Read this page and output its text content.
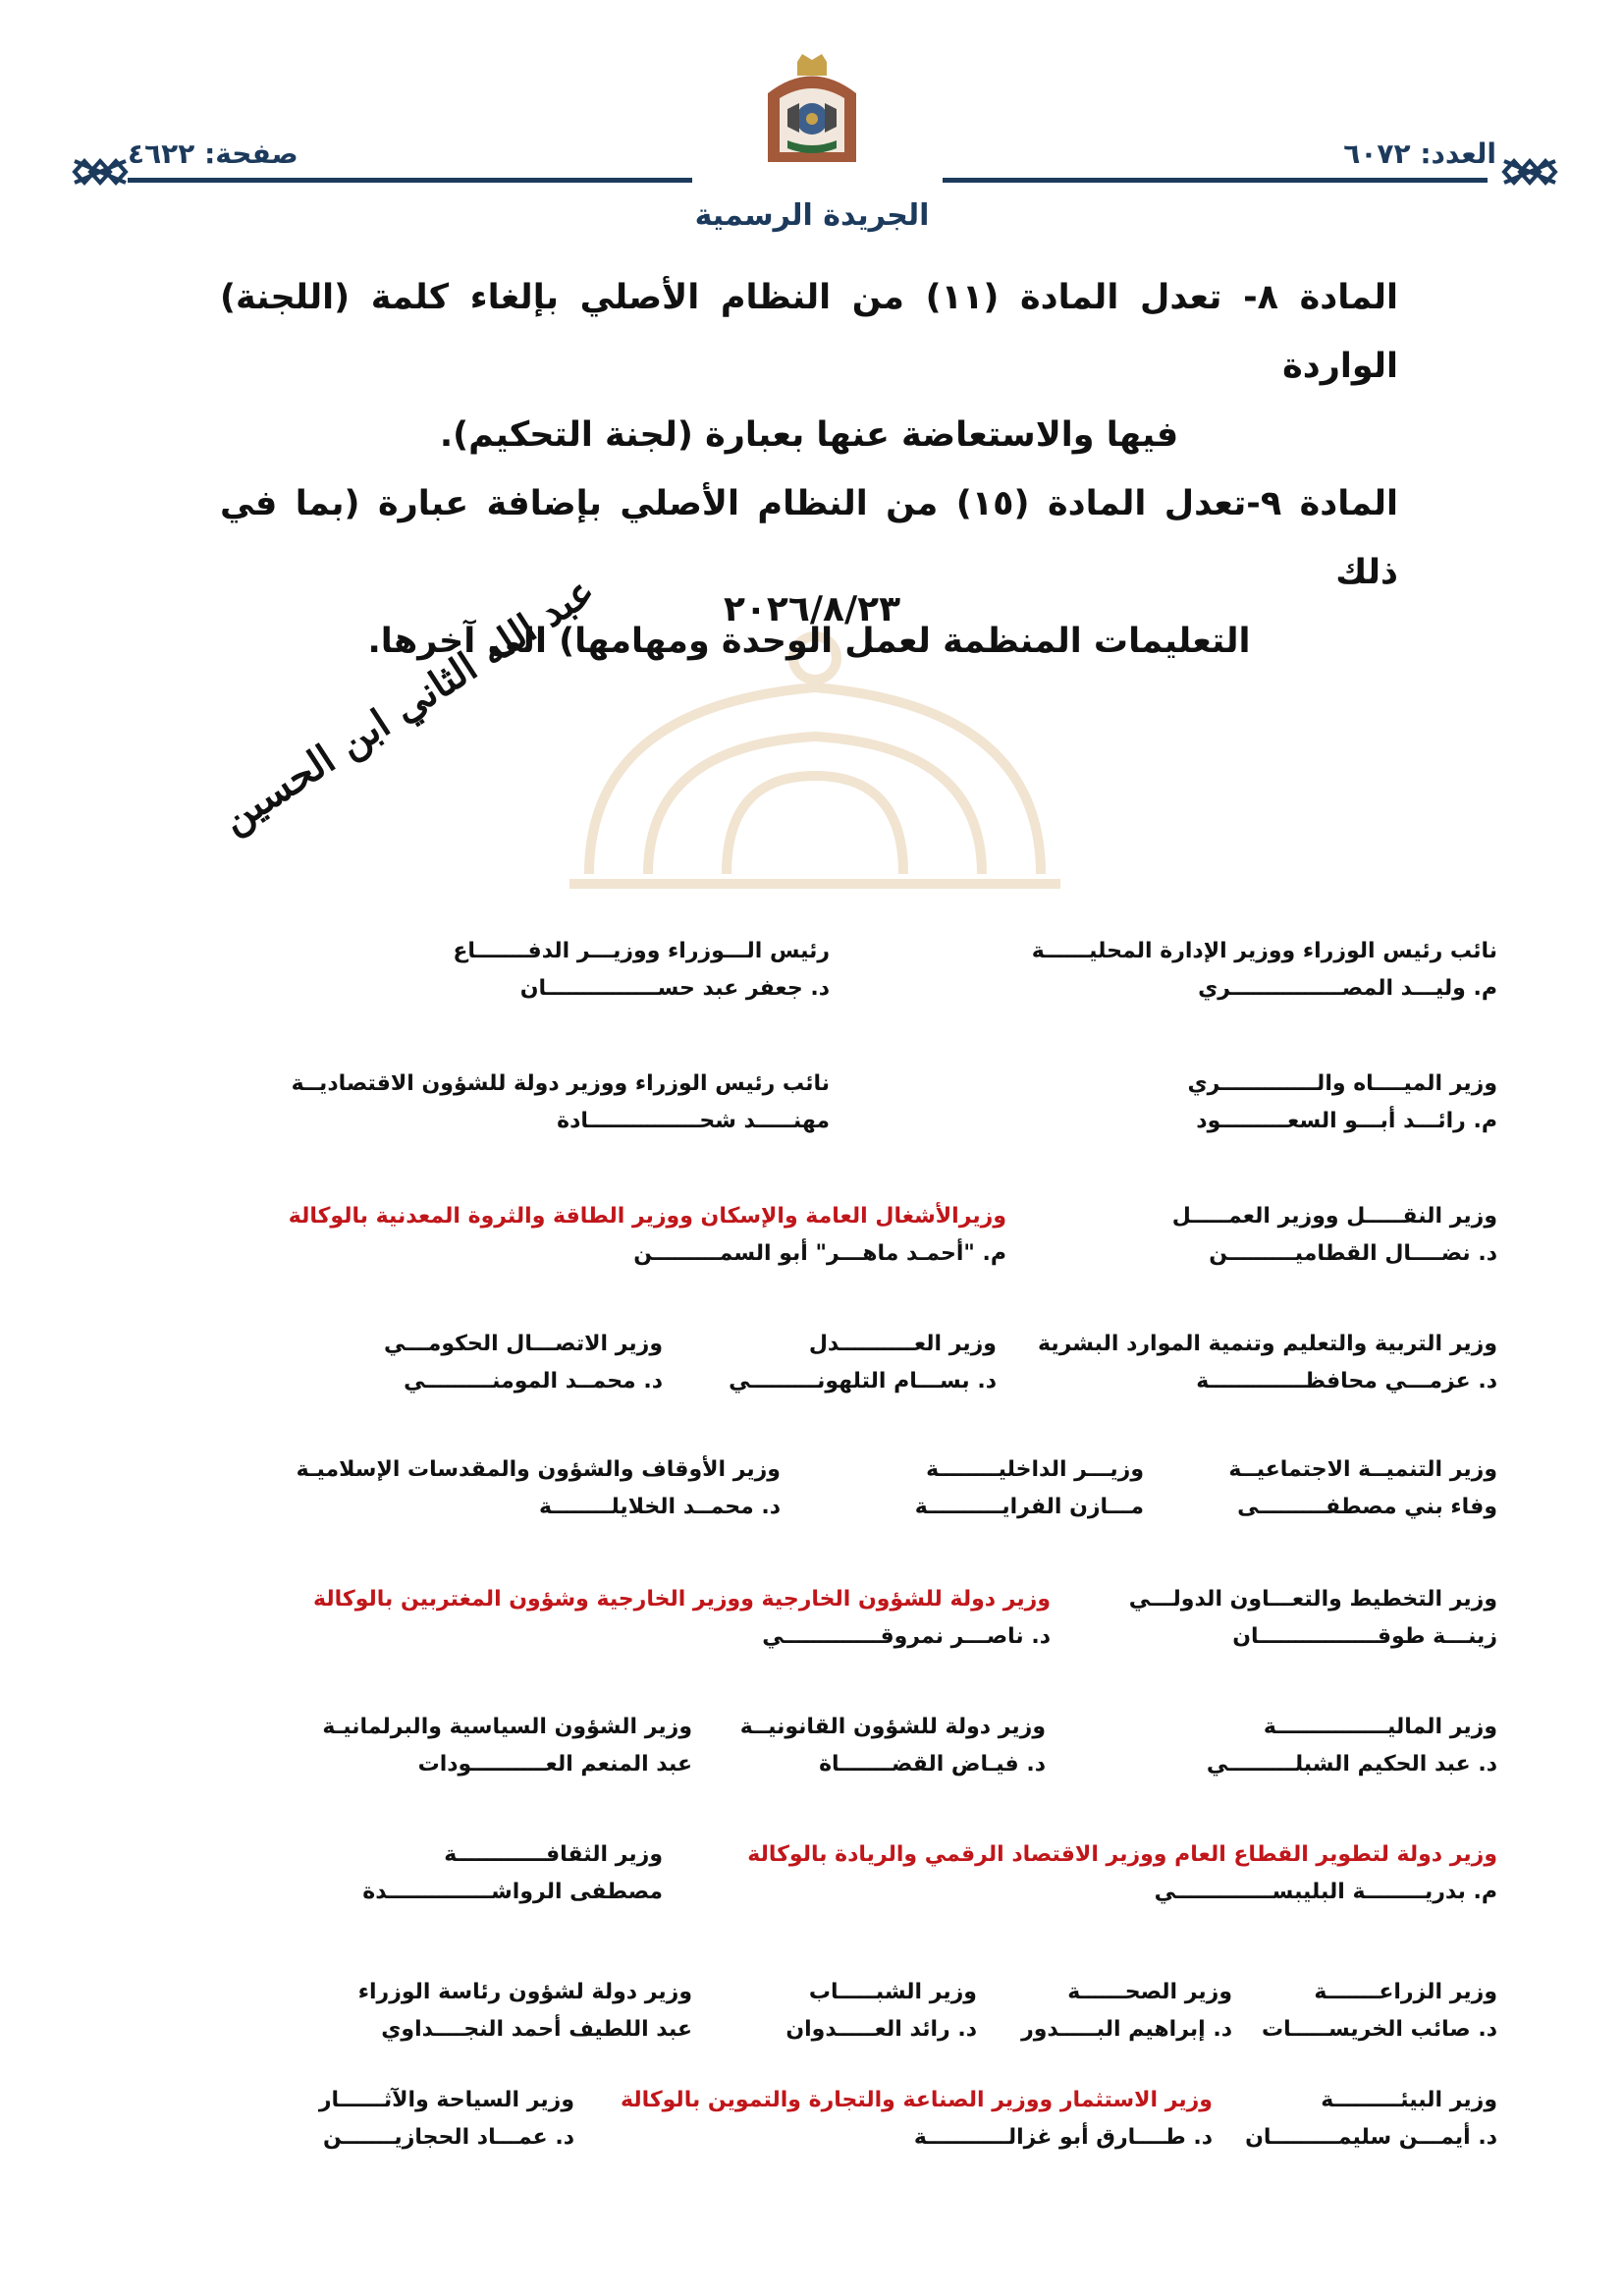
العدد: ٦٠٧٢
صفحة: ٤٦٢٢
الجريدة الرسمية
المادة ٨- تعدل المادة (١١) من النظام الأصلي بإلغاء كلمة (اللجنة) الواردة
فيها والاستعاضة عنها بعبارة (لجنة التحكيم).
المادة ٩-تعدل المادة (١٥) من النظام الأصلي بإضافة عبارة (بما في ذلك
التعليمات المنظمة لعمل الوحدة ومهامها) الى آخرها.
٢٠٢٦/٨/٢٣
عبد الله الثاني ابن الحسين
نائب رئيس الوزراء ووزير الإدارة المحليــــــة
م. وليـــد المصـــــــــــــــري
رئيس الـــوزراء ووزيـــر الدفـــــــاع
د. جعفر عبد حســـــــــــــــان
وزير الميــــاه والـــــــــــــري
م. رائـــد أبـــو السعـــــــــود
نائب رئيس الوزراء ووزير دولة للشؤون الاقتصاديــة
مهنـــــد شحـــــــــــــــادة
وزير النقـــــل ووزير العمـــــل
د. نضــــال القطاميـــــــــن
وزيرالأشغال العامة والإسكان ووزير الطاقة والثروة المعدنية بالوكالة
م. "أحمـد ماهـــر" أبو السمـــــــــن
وزير التربية والتعليم وتنمية الموارد البشرية
د. عزمـــي محافظـــــــــــــة
وزير العــــــــــدل
د. بســـام التلهونـــــــــي
وزير الاتصـــال الحكومـــي
د. محمــد المومنـــــــــي
وزير التنميــة الاجتماعيــة
وفاء بني مصطفـــــــــى
وزيـــر الداخليــــــــة
مـــازن الفرايــــــــــة
وزير الأوقاف والشؤون والمقدسات الإسلاميـة
د. محمــد الخلايلــــــــة
وزير التخطيط والتعـــاون الدولـــي
زينـــة طوقــــــــــــــــان
وزير دولة للشؤون الخارجية ووزير الخارجية وشؤون المغتربين بالوكالة
د. ناصـــر نمروقـــــــــــــي
وزير الماليـــــــــــــــة
د. عبد الحكيم الشبلـــــــــي
وزير دولة للشؤون القانونيــة
د. فيـاض القضـــــــاة
وزير الشؤون السياسية والبرلمانيـة
عبد المنعم العــــــــــودات
وزير دولة لتطوير القطاع العام ووزير الاقتصاد الرقمي والريادة بالوكالة
م. بدريــــــــة البليبســـــــــــــي
وزير الثقافــــــــــــة
مصطفى الرواشــــــــــــــدة
وزير الزراعـــــــة
د. صائب الخريســـــات
وزير الصحــــــة
د. إبراهيم البـــــدور
وزير الشبـــــاب
د. رائد العـــــدوان
وزير دولة لشؤون رئاسة الوزراء
عبد اللطيف أحمد النجــــداوي
وزير البيئـــــــــة
د. أيمـــن سليمـــــــــان
وزير الاستثمار ووزير الصناعة والتجارة والتموين بالوكالة
د. طــــارق أبو غزالـــــــــــة
وزير السياحة والآثــــــار
د. عمـــاد الحجازيـــــــن
